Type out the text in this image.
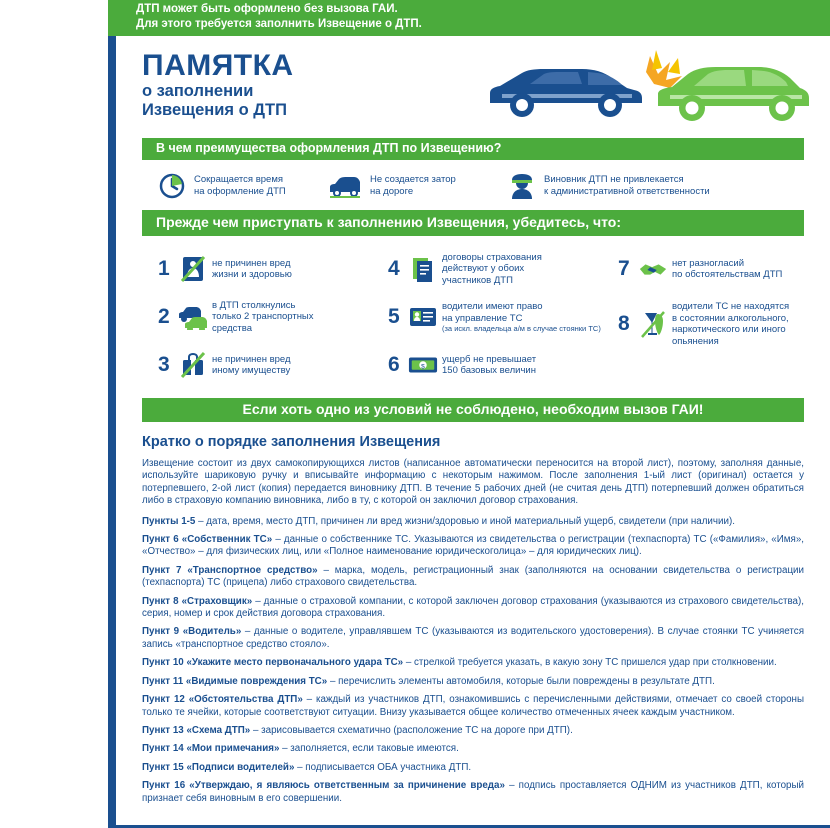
ДТП может быть оформлено без вызова ГАИ.
Для этого требуется заполнить Извещение о ДТП.
ПАМЯТКА
о заполнении
Извещения о ДТП
В чем преимущества оформления ДТП по Извещению?
Сокращается время
на оформление ДТП
Не создается затор
на дороге
Виновник ДТП не привлекается
к административной ответственности
Прежде чем приступать к заполнению Извещения, убедитесь, что:
1	не причинен вред
жизни и здоровью
2	в ДТП столкнулись
только 2 транспортных
средства
3	не причинен вред
иному имуществу
4	договоры страхования
действуют у обоих
участников ДТП
5	водители имеют право
на управление ТС
(за искл. владельца а/м в случае стоянки ТС)
6	$
ущерб не превышает
150 базовых величин
7	нет разногласий
по обстоятельствам ДТП
8
водители ТС не находятся
в состоянии алкогольного,
наркотического или иного опьянения
Если хоть одно из условий не соблюдено, необходим вызов ГАИ!
Кратко о порядке заполнения Извещения

Извещение состоит из двух самокопирующихся листов (написанное автоматически переносится на второй лист), поэтому, заполняя данные, используйте шариковую ручку и вписывайте информацию с некоторым нажимом. После заполнения 1-ый лист (оригинал) остается у потерпевшего, 2-ой лист (копия) передается виновнику ДТП. В течение 5 рабочих дней (не считая день ДТП) потерпевший должен обратиться либо в страховую компанию виновника, либо в ту, с которой он заключил договор страхования.

Пункты 1-5 – дата, время, место ДТП, причинен ли вред жизни/здоровью и иной материальный ущерб, свидетели (при наличии).

Пункт 6 «Собственник ТС» – данные о собственнике ТС. Указываются из свидетельства о регистрации (техпаспорта) ТС («Фамилия», «Имя», «Отчество» – для физических лиц, или «Полное наименование юридическоголица» – для юридических лиц).

Пункт 7 «Транспортное средство» – марка, модель, регистрационный знак (заполняются на основании свидетельства о регистрации (техпаспорта) ТС (прицепа) либо страхового свидетельства.

Пункт 8 «Страховщик» – данные о страховой компании, с которой заключен договор страхования (указываются из страхового свидетельства), серия, номер и срок действия договора страхования.

Пункт 9 «Водитель» – данные о водителе, управлявшем ТС (указываются из водительского удостоверения). В случае стоянки ТС учиняется запись «транспортное средство стояло».

Пункт 10 «Укажите место первоначального удара ТС» – стрелкой требуется указать, в какую зону ТС пришелся удар при столкновении.

Пункт 11 «Видимые повреждения ТС» – перечислить элементы автомобиля, которые были повреждены в результате ДТП.

Пункт 12 «Обстоятельства ДТП» – каждый из участников ДТП, ознакомившись с перечисленными действиями, отмечает со своей стороны только те ячейки, которые соответствуют ситуации. Внизу указывается общее количество отмеченных ячеек каждым участником.

Пункт 13 «Схема ДТП» – зарисовывается схематично (расположение ТС на дороге при ДТП).

Пункт 14 «Мои примечания» – заполняется, если таковые имеются.

Пункт 15 «Подписи водителей» – подписывается ОБА участника ДТП.

Пункт 16 «Утверждаю, я являюсь ответственным за причинение вреда» – подпись проставляется ОДНИМ из участников ДТП, который признает себя виновным в его совершении.
